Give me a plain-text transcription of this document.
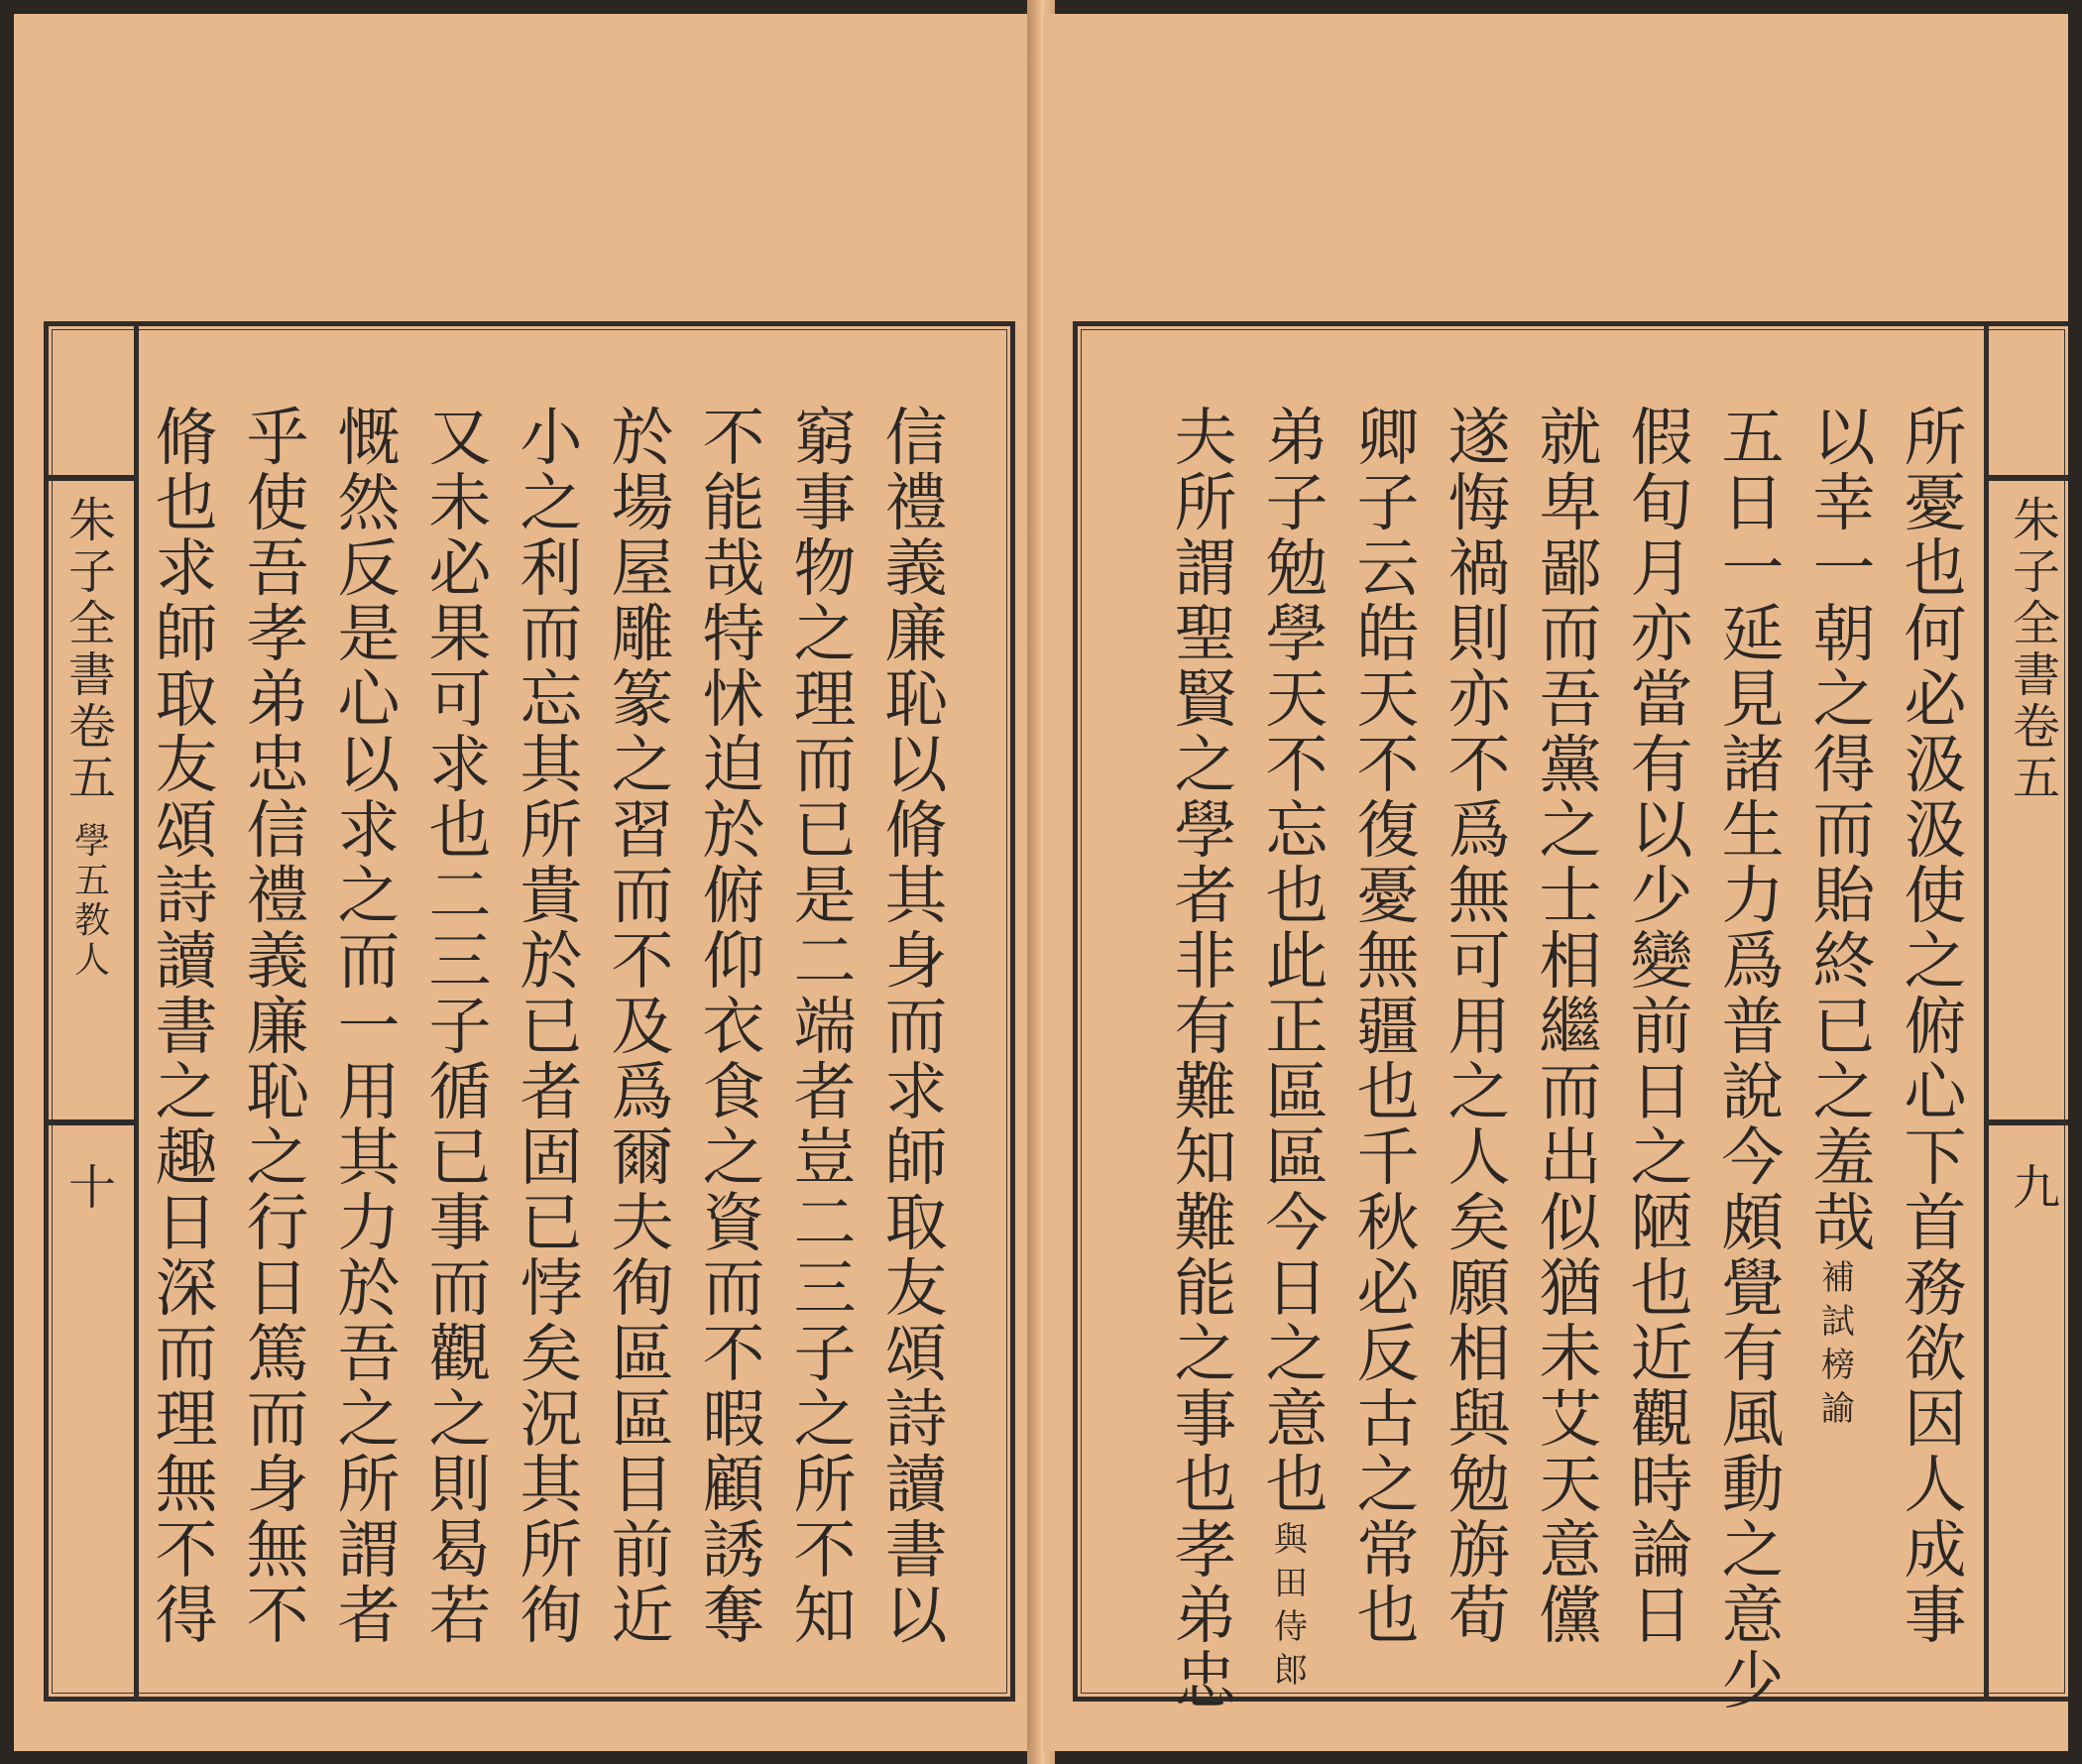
朱子全書卷五
學五　教人
十
信禮義廉恥以脩其身而求師取友頌詩讀書以
窮事物之理而已是二端者豈二三子之所不知
不能哉特怵迫於俯仰衣食之資而不暇顧誘奪
於場屋雕篆之習而不及爲爾夫徇區區目前近
小之利而忘其所貴於已者固已悖矣況其所徇
又未必果可求也二三子循已事而觀之則曷若
慨然反是心以求之而一用其力於吾之所謂者
乎使吾孝弟忠信禮義廉恥之行日篤而身無不
脩也求師取友頌詩讀書之趣日深而理無不得
朱子全書卷五
九
所憂也何必汲汲使之俯心下首務欲因人成事
以幸一朝之得而貽終已之羞哉
五日一延見諸生力爲普說今頗覺有風動之意少
假旬月亦當有以少變前日之陋也近觀時論日
就卑鄙而吾黨之士相繼而出似猶未艾天意儻
遂悔禍則亦不爲無可用之人矣願相與勉旃荀
卿子云皓天不復憂無疆也千秋必反古之常也
弟子勉學天不忘也此正區區今日之意也
夫所謂聖賢之學者非有難知難能之事也孝弟忠
補試榜諭
與田侍郎
